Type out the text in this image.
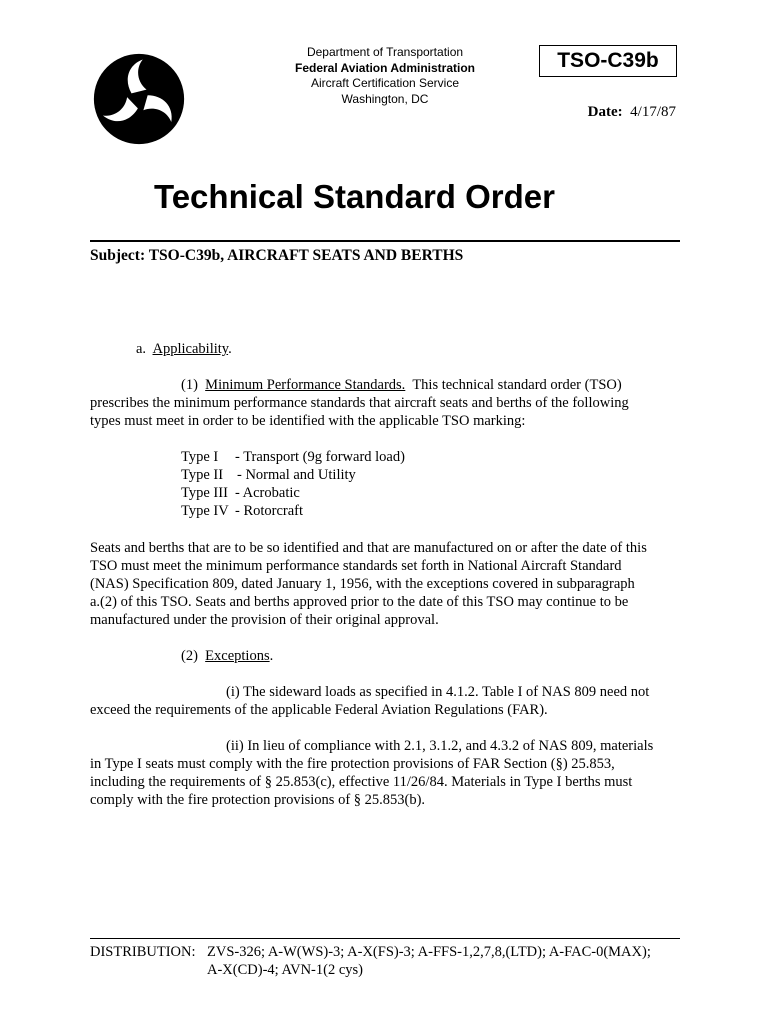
Department of Transportation
Federal Aviation Administration
Aircraft Certification Service
Washington, DC
TSO-C39b
Date: 4/17/87
Technical Standard Order
Subject: TSO-C39b, AIRCRAFT SEATS AND BERTHS
a. Applicability.
(1) Minimum Performance Standards. This technical standard order (TSO)
prescribes the minimum performance standards that aircraft seats and berths of the following
types must meet in order to be identified with the applicable TSO marking:
Type I - Transport (9g forward load)
Type II - Normal and Utility
Type III - Acrobatic
Type IV - Rotorcraft
Seats and berths that are to be so identified and that are manufactured on or after the date of this
TSO must meet the minimum performance standards set forth in National Aircraft Standard
(NAS) Specification 809, dated January 1, 1956, with the exceptions covered in subparagraph
a.(2) of this TSO. Seats and berths approved prior to the date of this TSO may continue to be
manufactured under the provision of their original approval.
(2) Exceptions.
(i) The sideward loads as specified in 4.1.2. Table I of NAS 809 need not
exceed the requirements of the applicable Federal Aviation Regulations (FAR).
(ii) In lieu of compliance with 2.1, 3.1.2, and 4.3.2 of NAS 809, materials
in Type I seats must comply with the fire protection provisions of FAR Section (§) 25.853,
including the requirements of § 25.853(c), effective 11/26/84. Materials in Type I berths must
comply with the fire protection provisions of § 25.853(b).
DISTRIBUTION: ZVS-326; A-W(WS)-3; A-X(FS)-3; A-FFS-1,2,7,8,(LTD); A-FAC-0(MAX);
A-X(CD)-4; AVN-1(2 cys)
